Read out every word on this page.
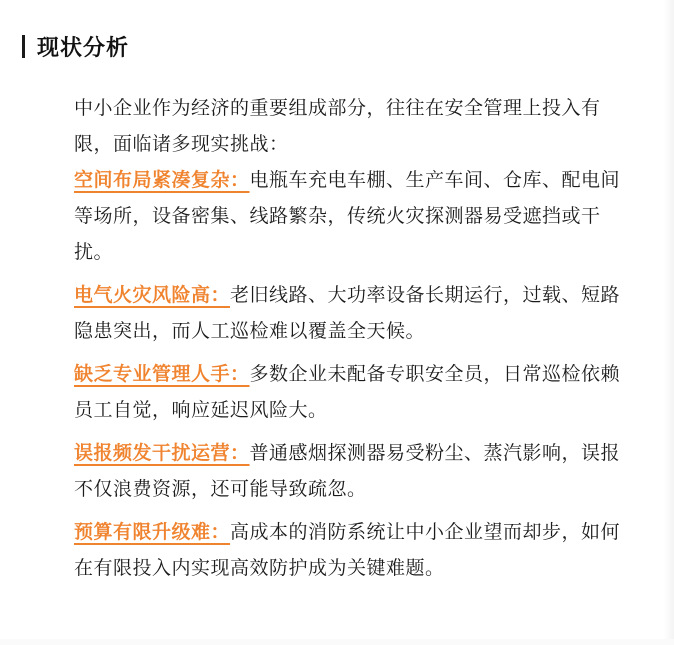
现状分析

中小企业作为经济的重要组成部分，往往在安全管理上投入有限，面临诸多现实挑战：

空间布局紧凑复杂：电瓶车充电车棚、生产车间、仓库、配电间等场所，设备密集、线路繁杂，传统火灾探测器易受遮挡或干扰。

电气火灾风险高：老旧线路、大功率设备长期运行，过载、短路隐患突出，而人工巡检难以覆盖全天候。

缺乏专业管理人手：多数企业未配备专职安全员，日常巡检依赖员工自觉，响应延迟风险大。

误报频发干扰运营：普通感烟探测器易受粉尘、蒸汽影响，误报不仅浪费资源，还可能导致疏忽。

预算有限升级难：高成本的消防系统让中小企业望而却步，如何在有限投入内实现高效防护成为关键难题。
